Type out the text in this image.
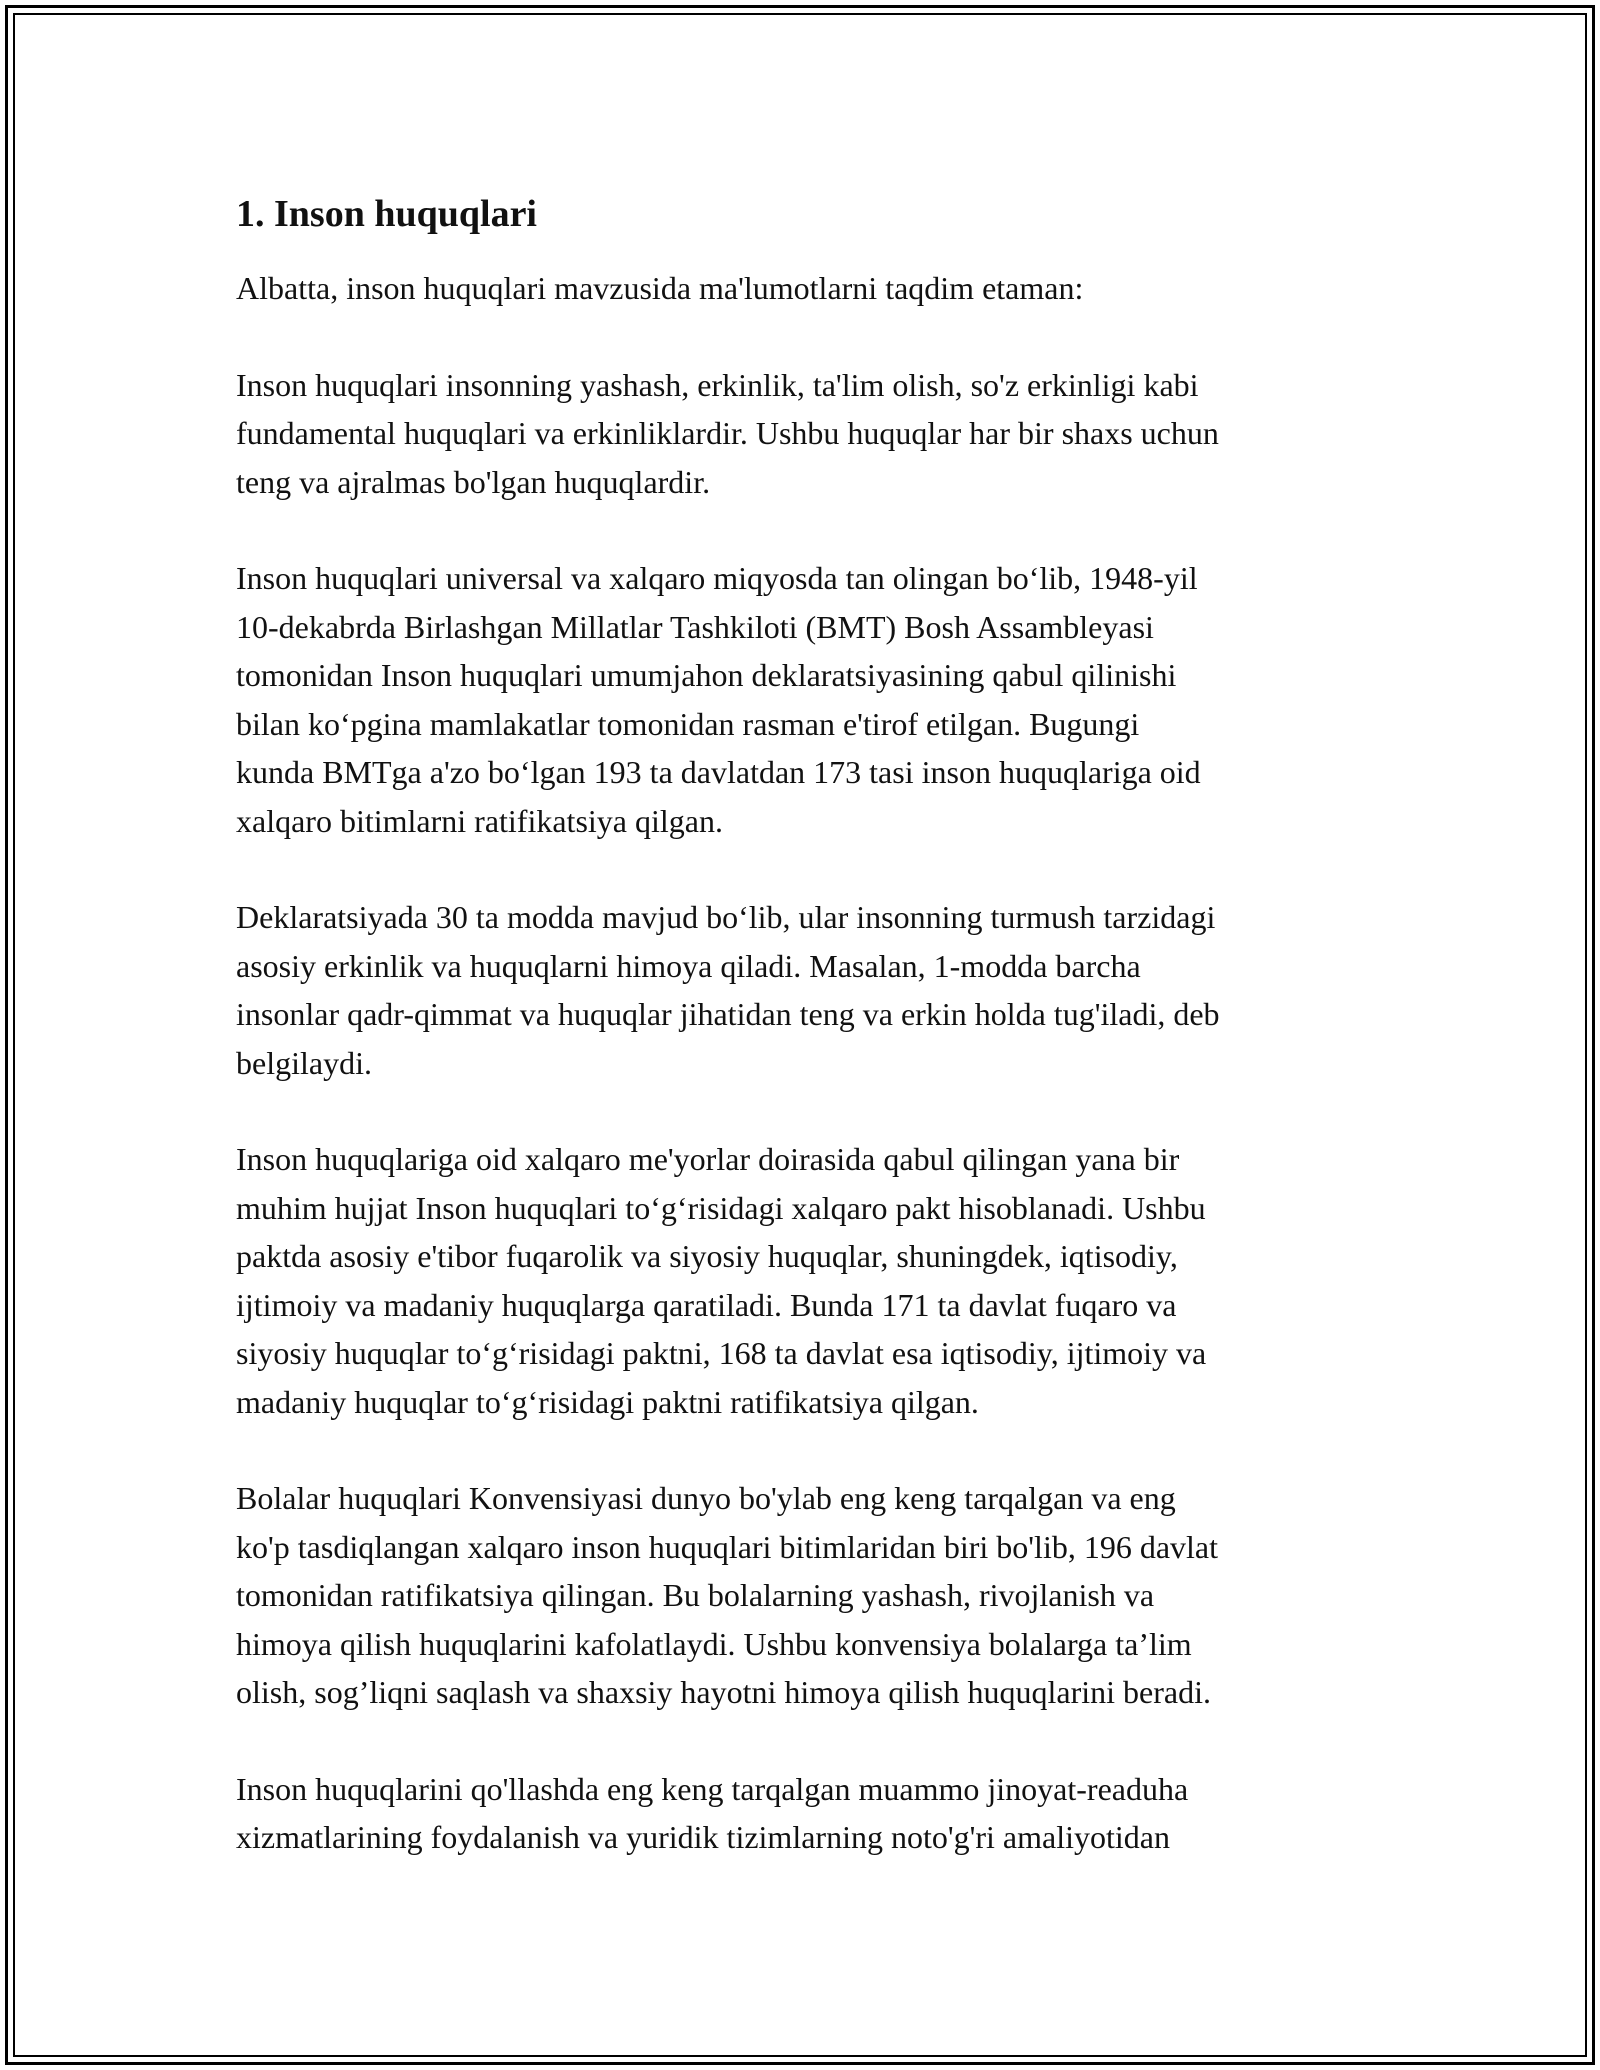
1. Inson huquqlari

Albatta, inson huquqlari mavzusida ma'lumotlarni taqdim etaman:

Inson huquqlari insonning yashash, erkinlik, ta'lim olish, so'z erkinligi kabi
fundamental huquqlari va erkinliklardir. Ushbu huquqlar har bir shaxs uchun
teng va ajralmas bo'lgan huquqlardir.

Inson huquqlari universal va xalqaro miqyosda tan olingan bo‘lib, 1948-yil
10-dekabrda Birlashgan Millatlar Tashkiloti (BMT) Bosh Assambleyasi
tomonidan Inson huquqlari umumjahon deklaratsiyasining qabul qilinishi
bilan ko‘pgina mamlakatlar tomonidan rasman e'tirof etilgan. Bugungi
kunda BMTga a'zo bo‘lgan 193 ta davlatdan 173 tasi inson huquqlariga oid
xalqaro bitimlarni ratifikatsiya qilgan.

Deklaratsiyada 30 ta modda mavjud bo‘lib, ular insonning turmush tarzidagi
asosiy erkinlik va huquqlarni himoya qiladi. Masalan, 1-modda barcha
insonlar qadr-qimmat va huquqlar jihatidan teng va erkin holda tug'iladi, deb
belgilaydi.

Inson huquqlariga oid xalqaro me'yorlar doirasida qabul qilingan yana bir
muhim hujjat Inson huquqlari to‘g‘risidagi xalqaro pakt hisoblanadi. Ushbu
paktda asosiy e'tibor fuqarolik va siyosiy huquqlar, shuningdek, iqtisodiy,
ijtimoiy va madaniy huquqlarga qaratiladi. Bunda 171 ta davlat fuqaro va
siyosiy huquqlar to‘g‘risidagi paktni, 168 ta davlat esa iqtisodiy, ijtimoiy va
madaniy huquqlar to‘g‘risidagi paktni ratifikatsiya qilgan.

Bolalar huquqlari Konvensiyasi dunyo bo'ylab eng keng tarqalgan va eng
ko'p tasdiqlangan xalqaro inson huquqlari bitimlaridan biri bo'lib, 196 davlat
tomonidan ratifikatsiya qilingan. Bu bolalarning yashash, rivojlanish va
himoya qilish huquqlarini kafolatlaydi. Ushbu konvensiya bolalarga ta’lim
olish, sog’liqni saqlash va shaxsiy hayotni himoya qilish huquqlarini beradi.

Inson huquqlarini qo'llashda eng keng tarqalgan muammo jinoyat-readuha
xizmatlarining foydalanish va yuridik tizimlarning noto'g'ri amaliyotidan
